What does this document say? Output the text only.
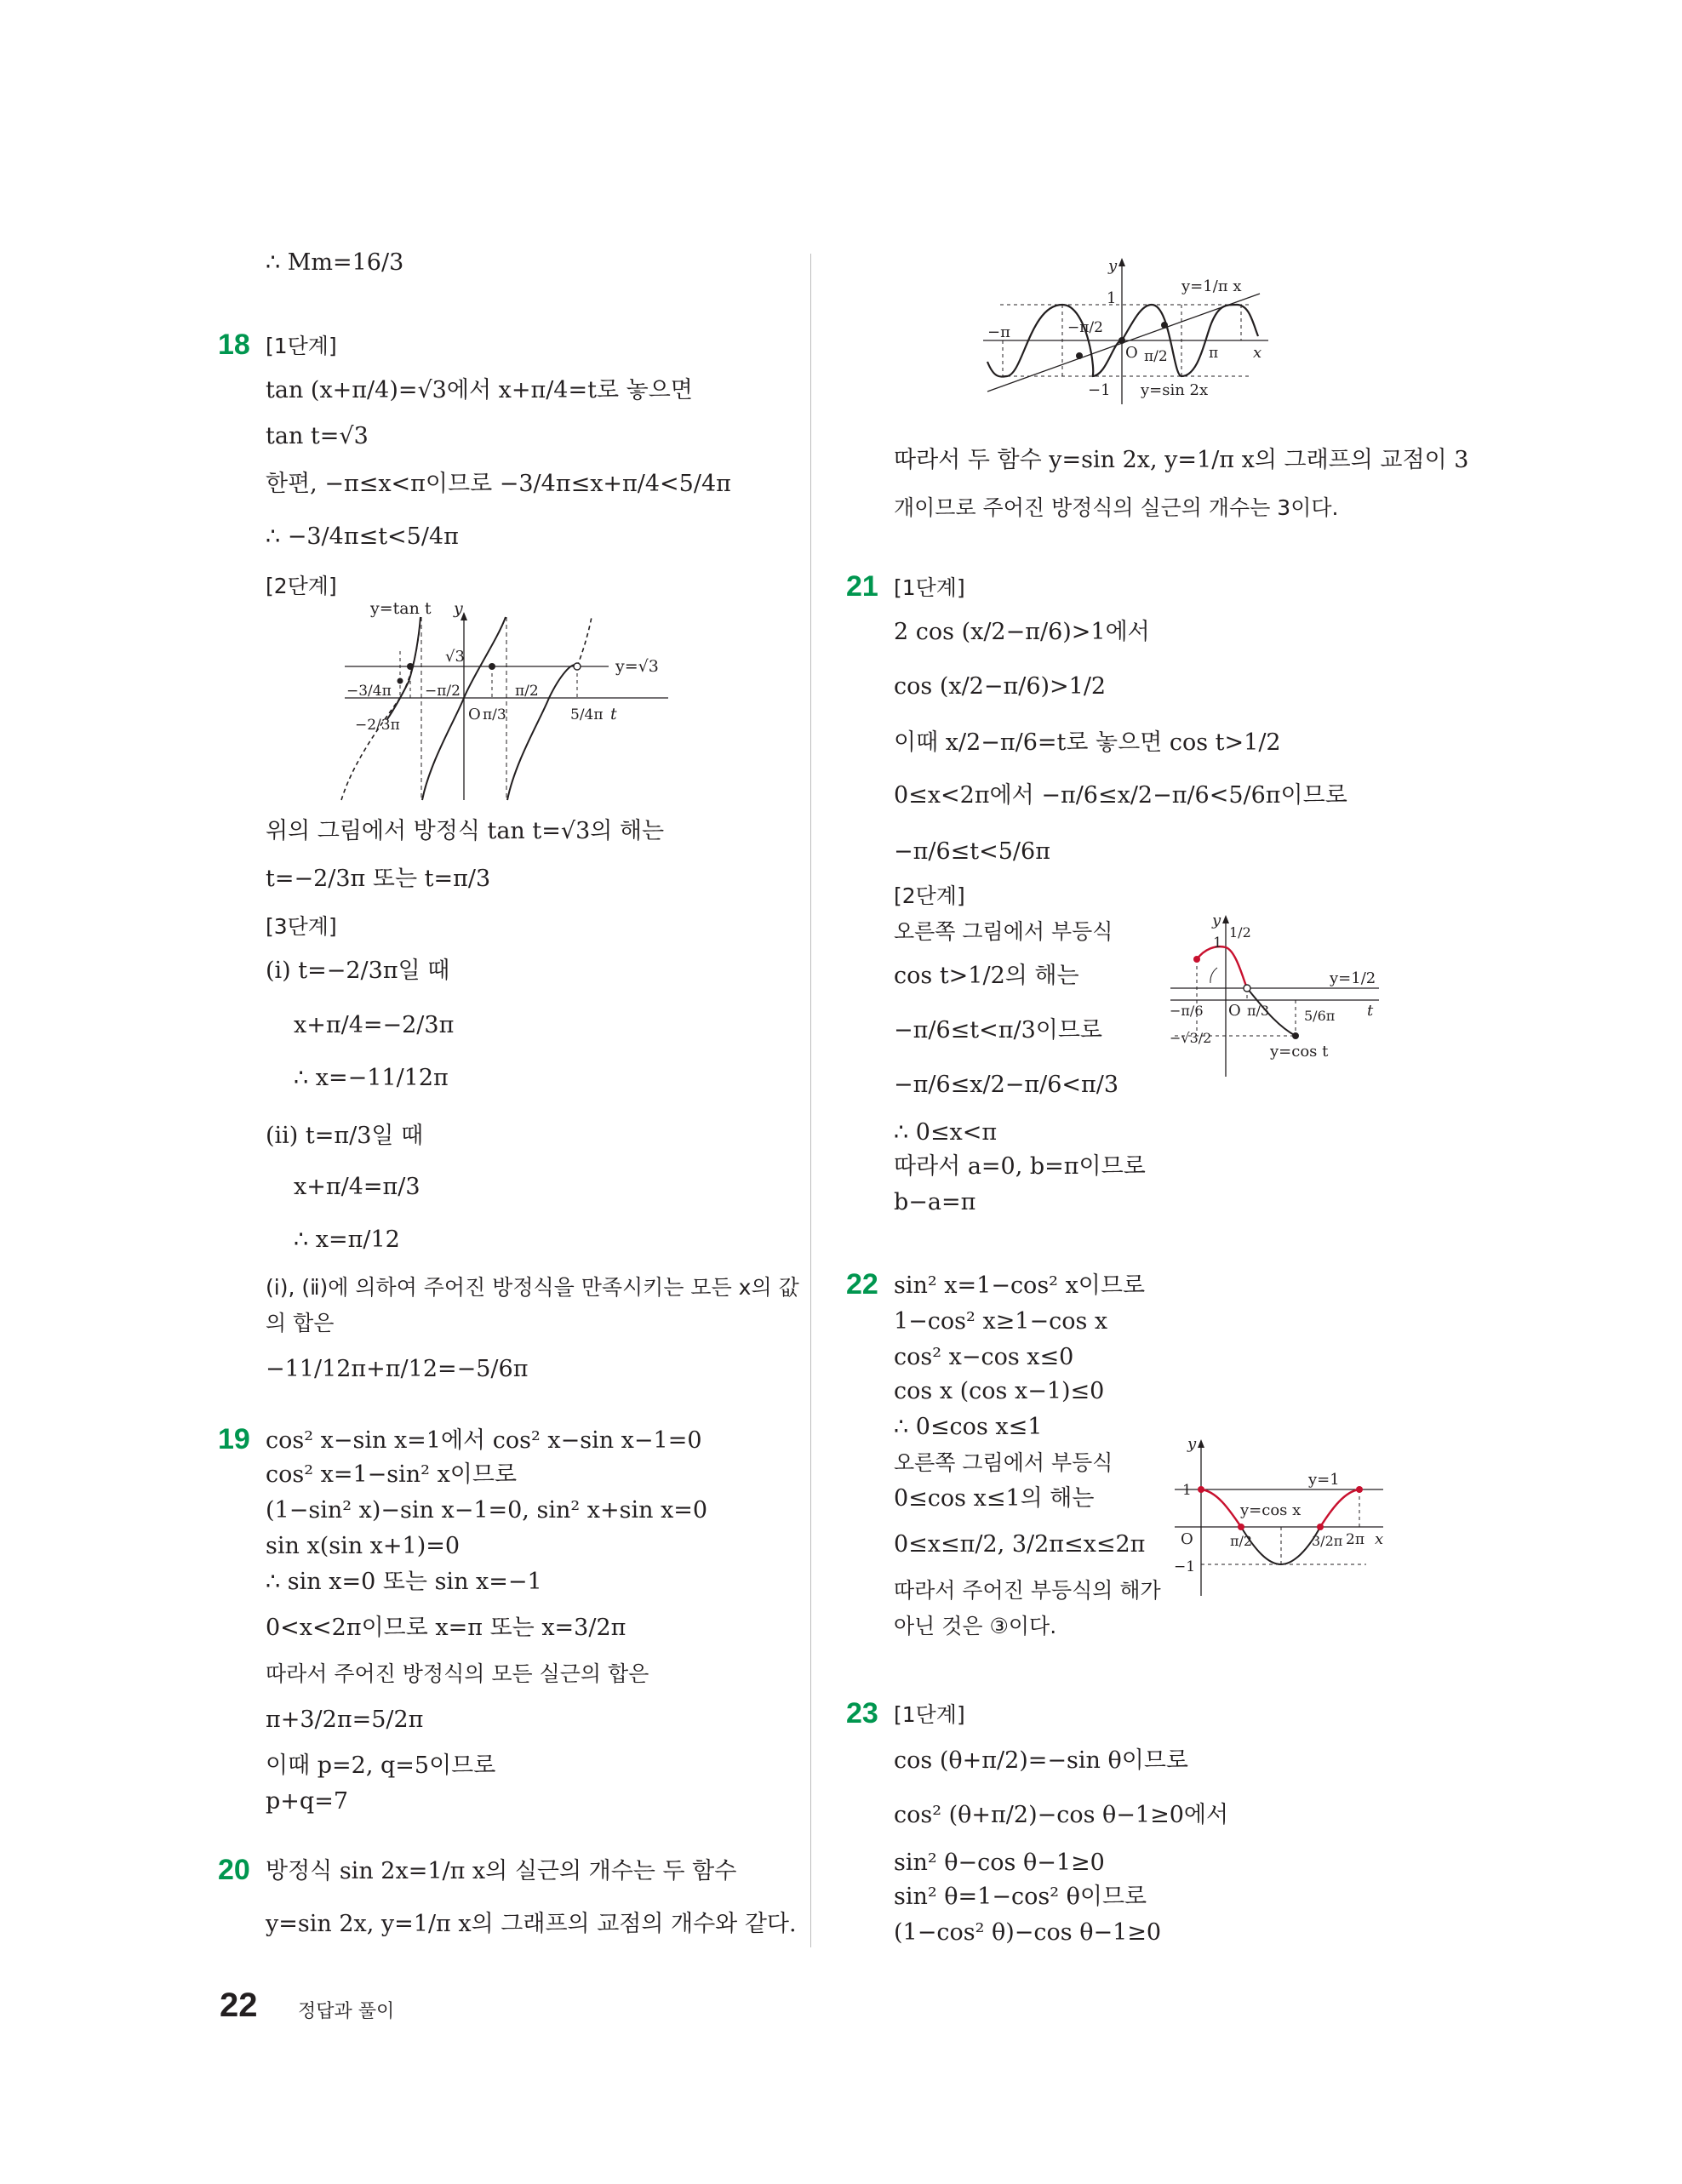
∴ Mm=16/3
18 [1단계]
tan (x+π/4)=√3에서 x+π/4=t로 놓으면
tan t=√3
한편, −π≤x<π이므로 −3/4π≤x+π/4<5/4π
∴ −3/4π≤t<5/4π
[2단계]
y=tan t y
√3
y=√3
−3/4π −π/2	π/2
−2/3π
O π/3	5/4π t
위의 그림에서 방정식 tan t=√3의 해는
t=−2/3π 또는 t=π/3
[3단계]
(ⅰ) t=−2/3π일 때
x+π/4=−2/3π
∴ x=−11/12π
(ⅱ) t=π/3일 때
x+π/4=π/3
∴ x=π/12
(ⅰ), (ⅱ)에 의하여 주어진 방정식을 만족시키는 모든 x의 값
의 합은
−11/12π+π/12=−5/6π
19 cos² x−sin x=1에서 cos² x−sin x−1=0
cos² x=1−sin² x이므로
(1−sin² x)−sin x−1=0, sin² x+sin x=0
sin x(sin x+1)=0
∴ sin x=0 또는 sin x=−1
0<x<2π이므로 x=π 또는 x=3/2π
따라서 주어진 방정식의 모든 실근의 합은
π+3/2π=5/2π
이때 p=2, q=5이므로
p+q=7
20 방정식 sin 2x=1/π x의 실근의 개수는 두 함수
y=sin 2x, y=1/π x의 그래프의 교점의 개수와 같다.
y
y=1/π x
1
−π	−π/2
O π/2	π x
−1 y=sin 2x
따라서 두 함수 y=sin 2x, y=1/π x의 그래프의 교점이 3
개이므로 주어진 방정식의 실근의 개수는 3이다.
21 [1단계]
2 cos (x/2−π/6)>1에서
cos (x/2−π/6)>1/2
이때 x/2−π/6=t로 놓으면 cos t>1/2
0≤x<2π에서 −π/6≤x/2−π/6<5/6π이므로
−π/6≤t<5/6π
[2단계]
오른쪽 그림에서 부등식
cos t>1/2의 해는
−π/6≤t<π/3이므로
−π/6≤x/2−π/6<π/3
∴ 0≤x<π
따라서 a=0, b=π이므로
b−a=π
y
1
1/2
y=1/2
−π/6 O π/3	5/6π t
−√3/2
y=cos t
22 sin² x=1−cos² x이므로
1−cos² x≥1−cos x
cos² x−cos x≤0
cos x (cos x−1)≤0
∴ 0≤cos x≤1
오른쪽 그림에서 부등식
0≤cos x≤1의 해는
0≤x≤π/2, 3/2π≤x≤2π
따라서 주어진 부등식의 해가
아닌 것은 ③이다.
y
1
y=1
y=cos x
O	π/2	3/2π 2π x
−1
23 [1단계]
cos (θ+π/2)=−sin θ이므로
cos² (θ+π/2)−cos θ−1≥0에서
sin² θ−cos θ−1≥0
sin² θ=1−cos² θ이므로
(1−cos² θ)−cos θ−1≥0
22 정답과 풀이
